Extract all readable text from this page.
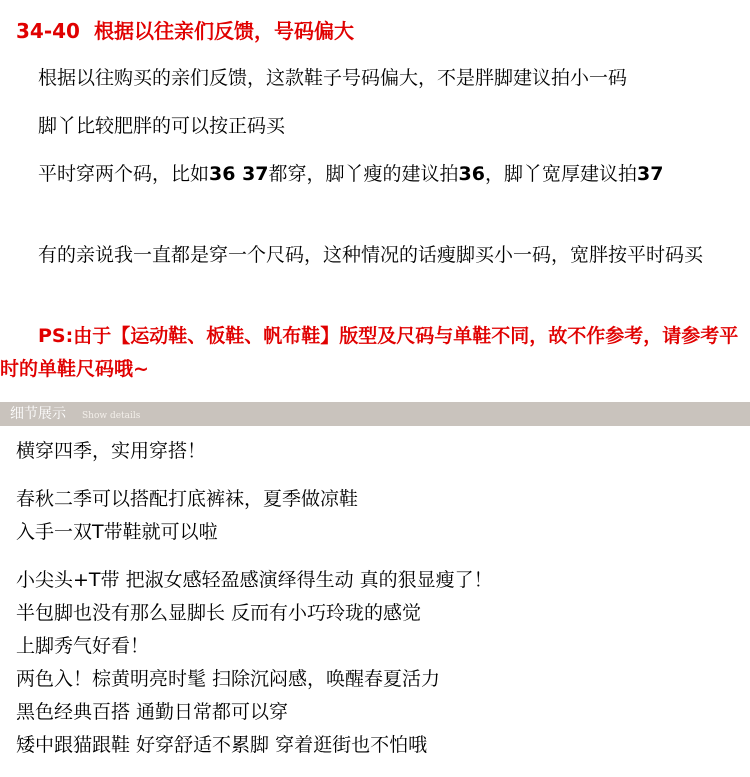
34-40 根据以往亲们反馈，号码偏大

根据以往购买的亲们反馈，这款鞋子号码偏大，不是胖脚建议拍小一码

脚丫比较肥胖的可以按正码买

平时穿两个码，比如36 37都穿，脚丫瘦的建议拍36，脚丫宽厚建议拍37

有的亲说我一直都是穿一个尺码，这种情况的话瘦脚买小一码，宽胖按平时码买

PS:由于【运动鞋、板鞋、帆布鞋】版型及尺码与单鞋不同，故不作参考，请参考平时的单鞋尺码哦~

细节展示 Show details
横穿四季，实用穿搭！
春秋二季可以搭配打底裤袜，夏季做凉鞋
入手一双T带鞋就可以啦
小尖头+T带 把淑女感轻盈感演绎得生动 真的狠显瘦了！
半包脚也没有那么显脚长 反而有小巧玲珑的感觉
上脚秀气好看！
两色入！棕黄明亮时髦 扫除沉闷感，唤醒春夏活力
黑色经典百搭 通勤日常都可以穿
矮中跟猫跟鞋 好穿舒适不累脚 穿着逛街也不怕哦
